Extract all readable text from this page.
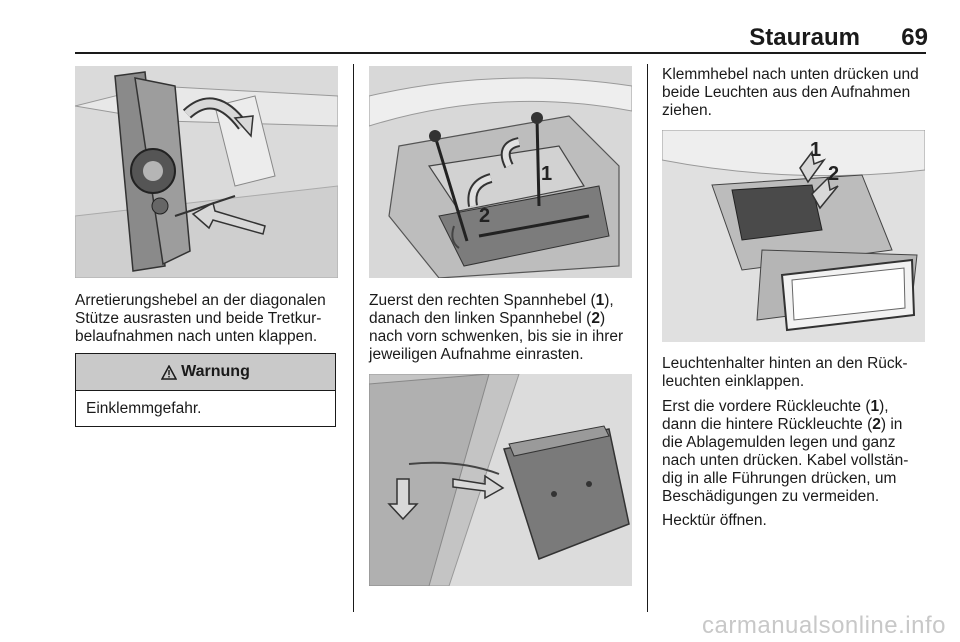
Stauraum	69

Arretierungshebel an der diagonalen
Stütze ausrasten und beide Tretkur-
belaufnahmen nach unten klappen.

Warnung
Einklemmgefahr.
1
2

Zuerst den rechten Spannhebel (1),
danach den linken Spannhebel (2)
nach vorn schwenken, bis sie in ihrer
jeweiligen Aufnahme einrasten.

Klemmhebel nach unten drücken und
beide Leuchten aus den Aufnahmen
ziehen.

1
2

Leuchtenhalter hinten an den Rück-
leuchten einklappen.

Erst die vordere Rückleuchte (1),
dann die hintere Rückleuchte (2) in
die Ablagemulden legen und ganz
nach unten drücken. Kabel vollstän-
dig in alle Führungen drücken, um
Beschädigungen zu vermeiden.

Hecktür öffnen.

carmanualsonline.info
